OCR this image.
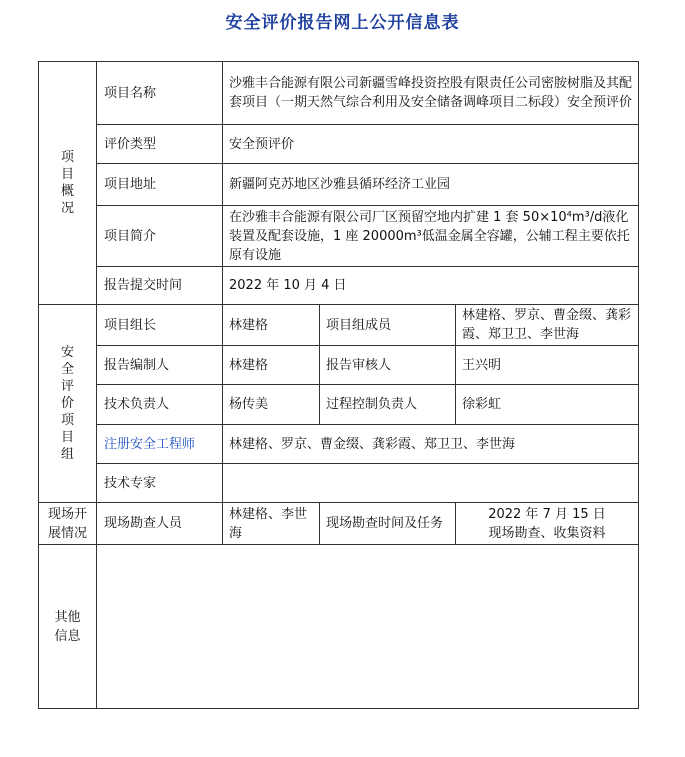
安全评价报告网上公开信息表
项目概况	项目名称	沙雅丰合能源有限公司新疆雪峰投资控股有限责任公司密胺树脂及其配套项目（一期天然气综合利用及安全储备调峰项目二标段）安全预评价		
	评价类型	安全预评价		
	项目地址	新疆阿克苏地区沙雅县循环经济工业园		
	项目简介	在沙雅丰合能源有限公司厂区预留空地内扩建 1 套 50×10⁴m³/d液化装置及配套设施，1 座 20000m³低温金属全容罐，公辅工程主要依托原有设施		
	报告提交时间	2022 年 10 月 4 日		

安全评价项目组	项目组长	林建格	项目组成员	林建格、罗京、曹金缀、龚彩霞、郑卫卫、李世海
	报告编制人	林建格	报告审核人	王兴明
	技术负责人	杨传美	过程控制负责人	徐彩虹
	注册安全工程师	林建格、罗京、曹金缀、龚彩霞、郑卫卫、李世海		
	技术专家			

现场开展情况	现场勘查人员	林建格、李世海	现场勘查时间及任务	2022 年 7 月 15 日
现场勘查、收集资料

其他信息				
